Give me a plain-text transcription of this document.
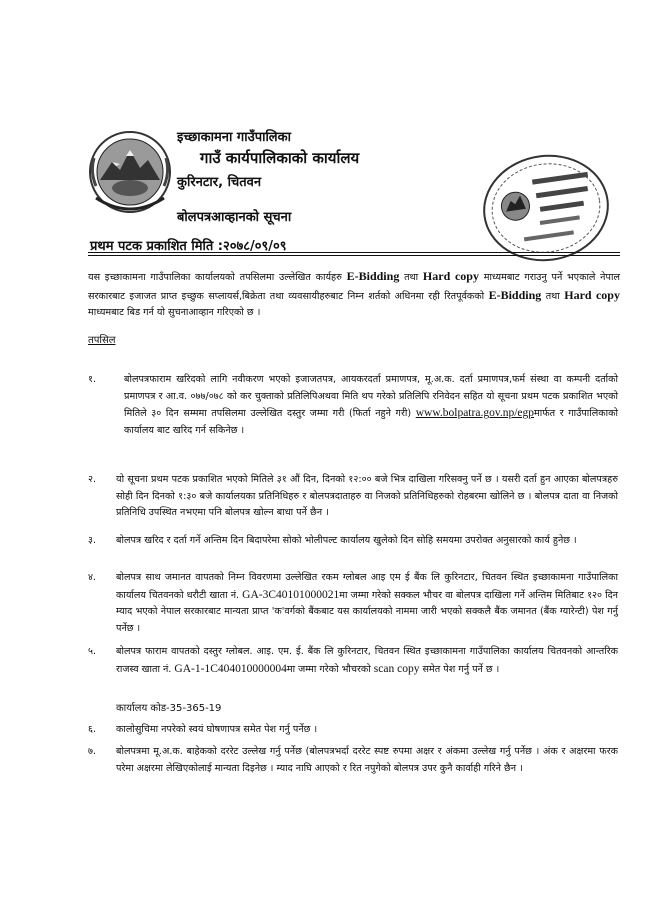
इच्छाकामना गाउँपालिका
गाउँ कार्यपालिकाको कार्यालय
कुरिनटार, चितवन
बोलपत्रआव्हानको सूचना
प्रथम पटक प्रकाशित मिति :२०७८/०९/०९
यस इच्छाकामना गाउँपालिका कार्यालयको तपसिलमा उल्लेखित कार्यहरु E-Bidding तथा Hard copy माध्यमबाट गराउनु पर्ने भएकाले नेपाल सरकारबाट इजाजत प्राप्त इच्छुक सप्लायर्स,बिक्रेता तथा व्यवसायीहरुबाट निम्न शर्तको अधिनमा रही रितपूर्वकको E-Bidding तथा Hard copy माध्यमबाट बिड गर्न यो सुचनाआव्हान गरिएको छ ।
तपसिल
१.	बोलपत्रफाराम खरिदको लागि नवीकरण भएको इजाजतपत्र, आयकरदर्ता प्रमाणपत्र, मू.अ.क. दर्ता प्रमाणपत्र,फर्म संस्था वा कम्पनी दर्ताको प्रमाणपत्र र आ.व. ०७७/०७८ को कर चुक्ताको प्रतिलिपिअथवा मिति थप गरेको प्रतिलिपि रनिवेदन सहित यो सूचना प्रथम पटक प्रकाशित भएको मितिले ३० दिन सम्ममा तपसिलमा उल्लेखित दस्तुर जम्मा गरी (फिर्ता नहुने गरी) www.bolpatra.gov.np/egpमार्फत र गाउँपालिकाको कार्यालय बाट खरिद गर्न सकिनेछ ।
२.	यो सूचना प्रथम पटक प्रकाशित भएको मितिले ३१ औं दिन, दिनको १२:०० बजे भित्र दाखिला गरिसक्नु पर्ने छ । यसरी दर्ता हुन आएका बोलपत्रहरु सोही दिन दिनको १:३० बजे कार्यालयका प्रतिनिधिहरु र बोलपत्रदाताहरु वा निजको प्रतिनिधिहरुको रोहबरमा खोलिने छ । बोलपत्र दाता वा निजको प्रतिनिधि उपस्थित नभएमा पनि बोलपत्र खोल्न बाधा पर्ने छैन ।
३.	बोलपत्र खरिद र दर्ता गर्ने अन्तिम दिन बिदापरेमा सोको भोलीपल्ट कार्यालय खुलेको दिन सोहि समयमा उपरोक्त अनुसारको कार्य हुनेछ ।
४.	बोलपत्र साथ जमानत वापतको निम्न विवरणमा उल्लेखित रकम ग्लोबल आइ एम ई बैंक लि कुरिनटार, चितवन स्थित इच्छाकामना गाउँपालिका कार्यालय चितवनको धरौटी खाता नं. GA-3C40101000021मा जम्मा गरेको सक्कल भौचर वा बोलपत्र दाखिला गर्ने अन्तिम मितिबाट १२० दिन म्याद भएको नेपाल सरकारबाट मान्यता प्राप्त 'क'वर्गको बैंकबाट यस कार्यालयको नाममा जारी भएको सक्कलै बैंक जमानत (बैंक ग्यारेन्टी) पेश गर्नु पर्नेछ ।
५.	बोलपत्र फाराम वापतको दस्तुर ग्लोबल. आइ. एम. ई. बैंक लि कुरिनटार, चितवन स्थित इच्छाकामना गाउँपालिका कार्यालय चितवनको आन्तरिक राजस्व खाता नं. GA-1-1C404010000004मा जम्मा गरेको भौचरको scan copy समेत पेश गर्नु पर्ने छ ।
कार्यालय कोड-35-365-19
६.	कालोसुचिमा नपरेको स्वयं घोषणापत्र समेत पेश गर्नु पर्नेछ ।
७.	बोलपत्रमा मू.अ.क. बाहेकको दररेट उल्लेख गर्नु पर्नेछ (बोलपत्रभर्दा दररेट स्पष्ट रुपमा अक्षर र अंकमा उल्लेख गर्नु पर्नेछ । अंक र अक्षरमा फरक परेमा अक्षरमा लेखिएकोलाई मान्यता दिइनेछ । म्याद नाघि आएको र रित नपुगेको बोलपत्र उपर कुनै कार्वाही गरिने छैन ।
